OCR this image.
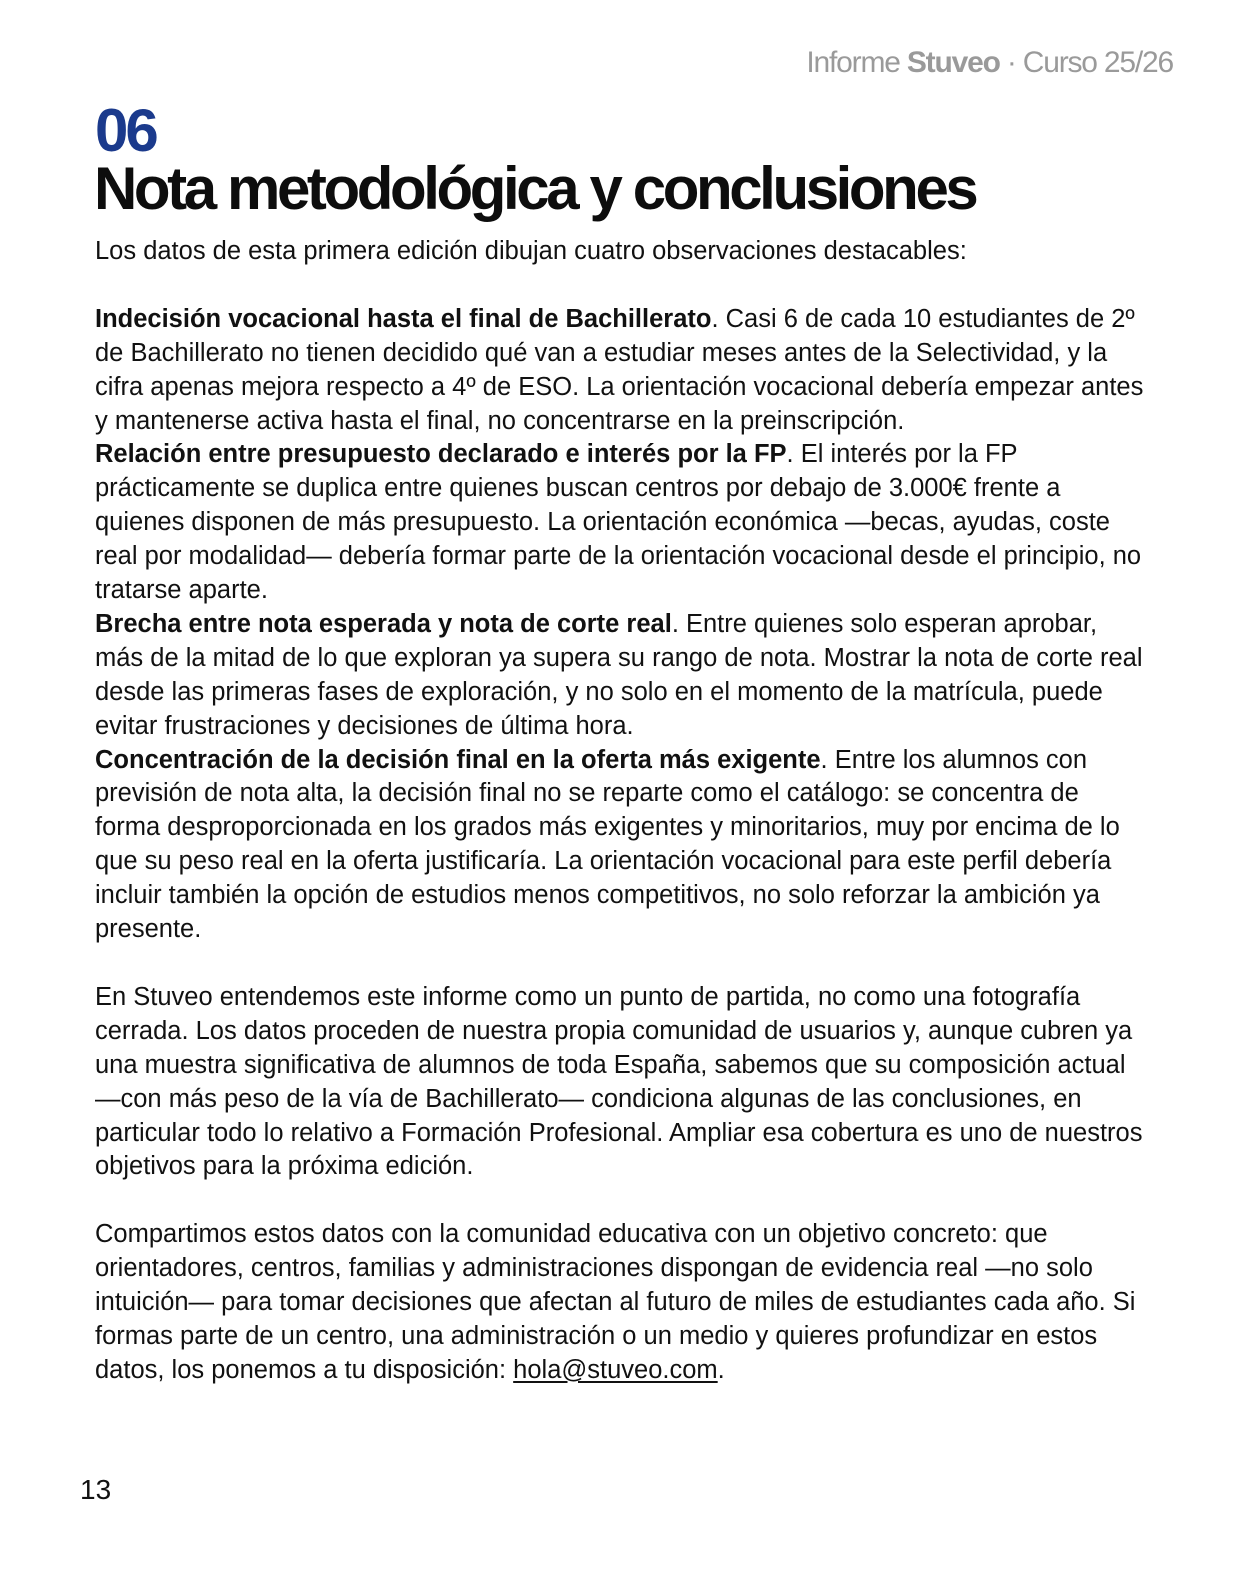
Informe Stuveo · Curso 25/26
06
Nota metodológica y conclusiones

Los datos de esta primera edición dibujan cuatro observaciones destacables:

Indecisión vocacional hasta el final de Bachillerato. Casi 6 de cada 10 estudiantes de 2º de Bachillerato no tienen decidido qué van a estudiar meses antes de la Selectividad, y la cifra apenas mejora respecto a 4º de ESO. La orientación vocacional debería empezar antes y mantenerse activa hasta el final, no concentrarse en la preinscripción.

Relación entre presupuesto declarado e interés por la FP. El interés por la FP prácticamente se duplica entre quienes buscan centros por debajo de 3.000€ frente a quienes disponen de más presupuesto. La orientación económica —becas, ayudas, coste real por modalidad— debería formar parte de la orientación vocacional desde el principio, no tratarse aparte.

Brecha entre nota esperada y nota de corte real. Entre quienes solo esperan aprobar, más de la mitad de lo que exploran ya supera su rango de nota. Mostrar la nota de corte real desde las primeras fases de exploración, y no solo en el momento de la matrícula, puede evitar frustraciones y decisiones de última hora.

Concentración de la decisión final en la oferta más exigente. Entre los alumnos con previsión de nota alta, la decisión final no se reparte como el catálogo: se concentra de forma desproporcionada en los grados más exigentes y minoritarios, muy por encima de lo que su peso real en la oferta justificaría. La orientación vocacional para este perfil debería incluir también la opción de estudios menos competitivos, no solo reforzar la ambición ya presente.

En Stuveo entendemos este informe como un punto de partida, no como una fotografía cerrada. Los datos proceden de nuestra propia comunidad de usuarios y, aunque cubren ya una muestra significativa de alumnos de toda España, sabemos que su composición actual —con más peso de la vía de Bachillerato— condiciona algunas de las conclusiones, en particular todo lo relativo a Formación Profesional. Ampliar esa cobertura es uno de nuestros objetivos para la próxima edición.

Compartimos estos datos con la comunidad educativa con un objetivo concreto: que orientadores, centros, familias y administraciones dispongan de evidencia real —no solo intuición— para tomar decisiones que afectan al futuro de miles de estudiantes cada año. Si formas parte de un centro, una administración o un medio y quieres profundizar en estos datos, los ponemos a tu disposición: hola@stuveo.com.

13
